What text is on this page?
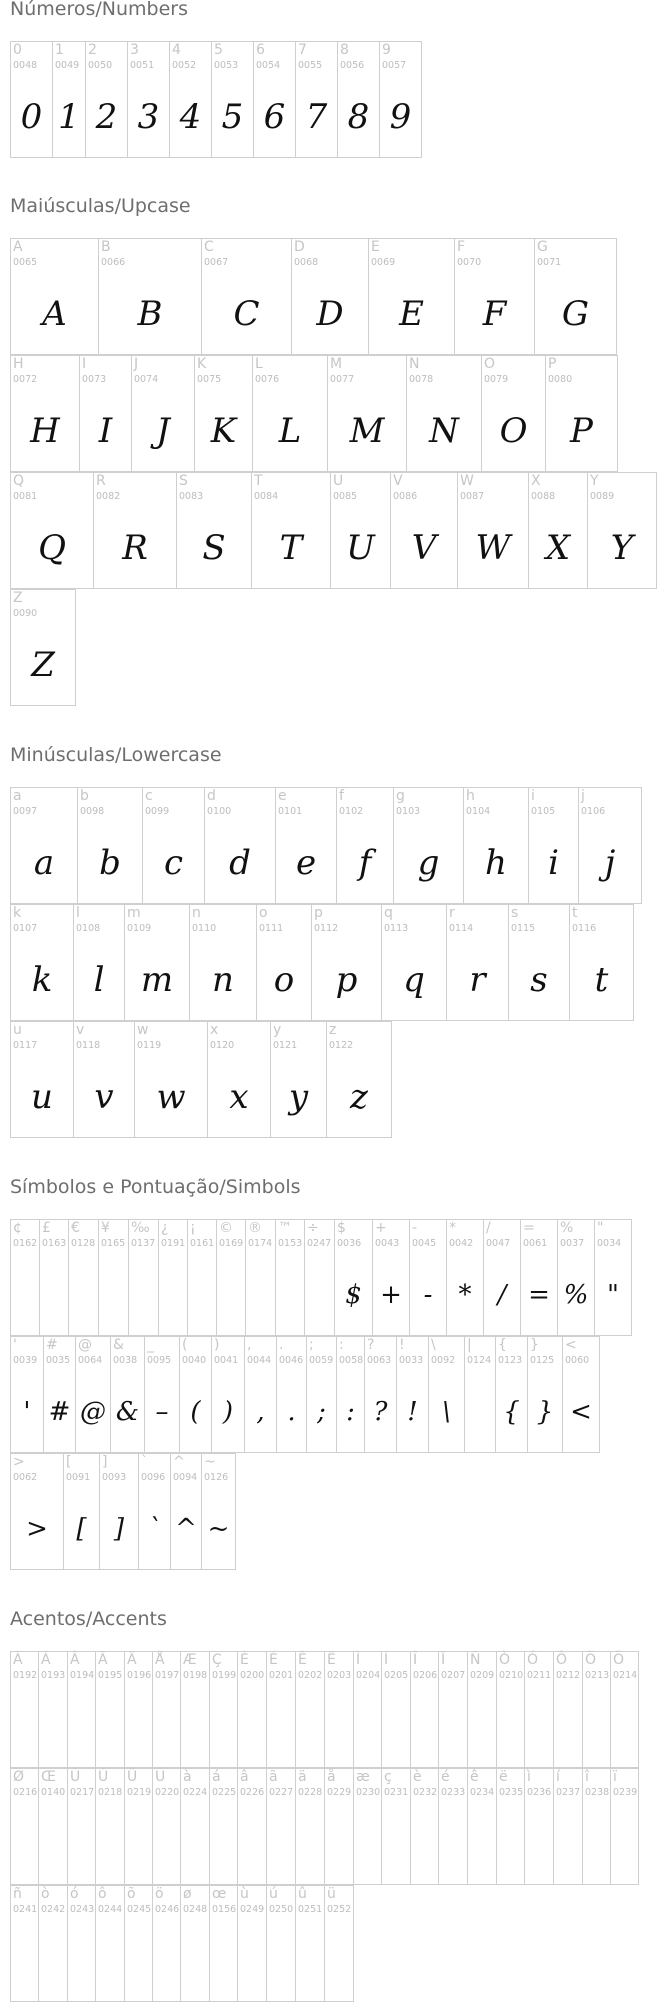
Números/Numbers
Maiúsculas/Upcase
Minúsculas/Lowercase
Símbolos e Pontuação/Simbols
Acentos/Accents
0
0048
0
1
0049
1
2
0050
2
3
0051
3
4
0052
4
5
0053
5
6
0054
6
7
0055
7
8
0056
8
9
0057
9
A
0065
A
B
0066
B
C
0067
C
D
0068
D
E
0069
E
F
0070
F
G
0071
G
H
0072
H
I
0073
I
J
0074
J
K
0075
K
L
0076
L
M
0077
M
N
0078
N
O
0079
O
P
0080
P
Q
0081
Q
R
0082
R
S
0083
S
T
0084
T
U
0085
U
V
0086
V
W
0087
W
X
0088
X
Y
0089
Y
Z
0090
Z
a
0097
a
b
0098
b
c
0099
c
d
0100
d
e
0101
e
f
0102
f
g
0103
g
h
0104
h
i
0105
i
j
0106
j
k
0107
k
l
0108
l
m
0109
m
n
0110
n
o
0111
o
p
0112
p
q
0113
q
r
0114
r
s
0115
s
t
0116
t
u
0117
u
v
0118
v
w
0119
w
x
0120
x
y
0121
y
z
0122
z
¢
0162
£
0163
€
0128
¥
0165
‰
0137
¿
0191
¡
0161
©
0169
®
0174
™
0153
÷
0247
$
0036
$
+
0043
+
-
0045
-
*
0042
*
/
0047
/
=
0061
=
%
0037
%
"
0034
"
'
0039
'
#
0035
#
@
0064
@
&
0038
&
_
0095
–
(
0040
(
)
0041
)
,
0044
,
.
0046
.
;
0059
;
:
0058
:
?
0063
?
!
0033
!
\
0092
\
|
0124
{
0123
{
}
0125
}
<
0060
<
>
0062
>
[
0091
[
]
0093
]
`
0096
`
^
0094
^
~
0126
~
À
0192
Á
0193
Â
0194
Ã
0195
Ä
0196
Å
0197
Æ
0198
Ç
0199
È
0200
É
0201
Ê
0202
Ë
0203
Ì
0204
Í
0205
Î
0206
Ï
0207
Ñ
0209
Ò
0210
Ó
0211
Ô
0212
Õ
0213
Ö
0214
Ø
0216
Œ
0140
Ù
0217
Ú
0218
Û
0219
Ü
0220
à
0224
á
0225
â
0226
ã
0227
ä
0228
å
0229
æ
0230
ç
0231
è
0232
é
0233
ê
0234
ë
0235
ì
0236
í
0237
î
0238
ï
0239
ñ
0241
ò
0242
ó
0243
ô
0244
õ
0245
ö
0246
ø
0248
œ
0156
ù
0249
ú
0250
û
0251
ü
0252
